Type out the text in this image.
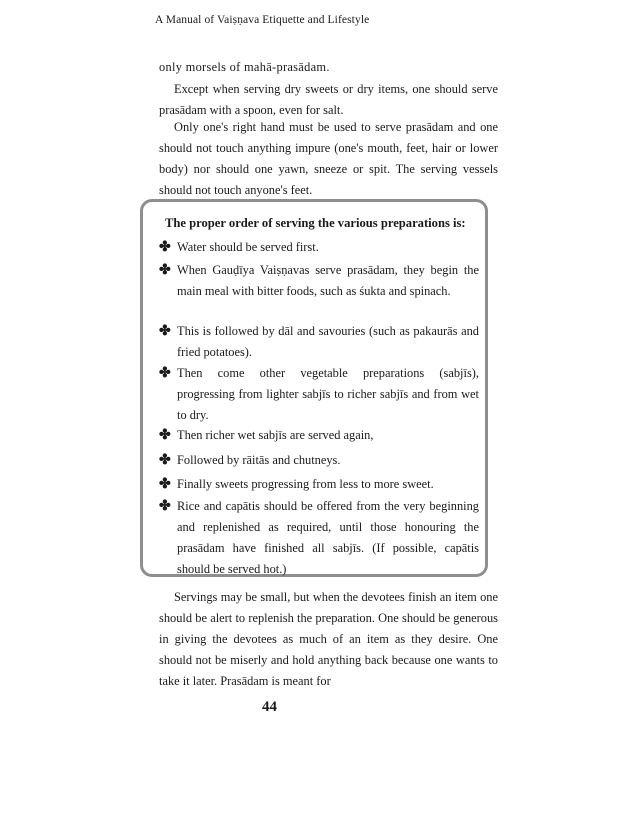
A Manual of Vaiṣṇava Etiquette and Lifestyle

only morsels of mahā-prasādam.

Except when serving dry sweets or dry items, one should serve prasādam with a spoon, even for salt.

Only one's right hand must be used to serve prasādam and one should not touch anything impure (one's mouth, feet, hair or lower body) nor should one yawn, sneeze or spit. The serving vessels should not touch anyone's feet.

The proper order of serving the various preparations is:
✤ Water should be served first.
✤ When Gauḍīya Vaiṣṇavas serve prasādam, they begin the main meal with bitter foods, such as śukta and spinach.
✤ This is followed by dāl and savouries (such as pakaurās and fried potatoes).
✤ Then come other vegetable preparations (sabjīs), progressing from lighter sabjīs to richer sabjīs and from wet to dry.
✤ Then richer wet sabjīs are served again,
✤ Followed by rāitās and chutneys.
✤ Finally sweets progressing from less to more sweet.
✤ Rice and capātis should be offered from the very beginning and replenished as required, until those honouring the prasādam have finished all sabjīs. (If possible, capātis should be served hot.)

Servings may be small, but when the devotees finish an item one should be alert to replenish the preparation. One should be generous in giving the devotees as much of an item as they desire. One should not be miserly and hold anything back because one wants to take it later. Prasādam is meant for

44
